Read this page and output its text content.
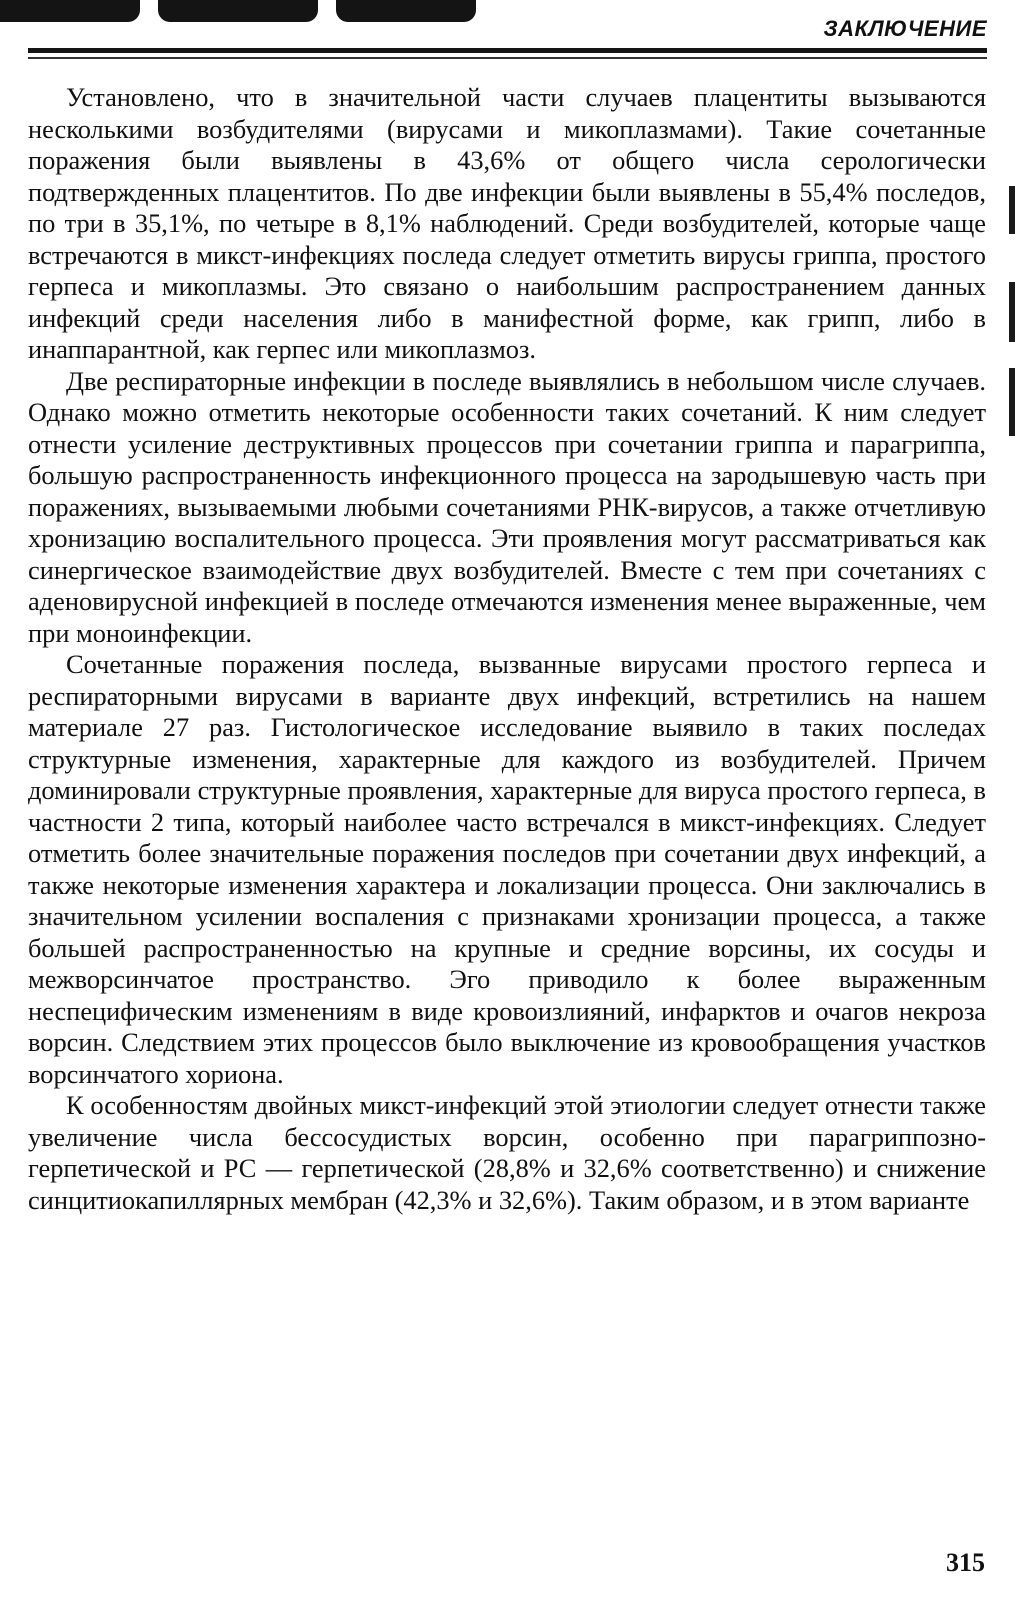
ЗАКЛЮЧЕНИЕ

Установлено, что в значительной части случаев плацентиты вызываются несколькими возбудителями (вирусами и микоплазмами). Такие сочетанные поражения были выявлены в 43,6% от общего числа серологически подтвержденных плацентитов. По две инфекции были выявлены в 55,4% последов, по три в 35,1%, по четыре в 8,1% наблюдений. Среди возбудителей, которые чаще встречаются в микст-инфекциях последа следует отметить вирусы гриппа, простого герпеса и микоплазмы. Это связано о наибольшим распространением данных инфекций среди населения либо в манифестной форме, как грипп, либо в инаппарантной, как герпес или микоплазмоз.

Две респираторные инфекции в последе выявлялись в небольшом числе случаев. Однако можно отметить некоторые особенности таких сочетаний. К ним следует отнести усиление деструктивных процессов при сочетании гриппа и парагриппа, большую распространенность инфекционного процесса на зародышевую часть при поражениях, вызываемыми любыми сочетаниями РНК-вирусов, а также отчетливую хронизацию воспалительного процесса. Эти проявления могут рассматриваться как синергическое взаимодействие двух возбудителей. Вместе с тем при сочетаниях с аденовирусной инфекцией в последе отмечаются изменения менее выраженные, чем при моноинфекции.

Сочетанные поражения последа, вызванные вирусами простого герпеса и респираторными вирусами в варианте двух инфекций, встретились на нашем материале 27 раз. Гистологическое исследование выявило в таких последах структурные изменения, характерные для каждого из возбудителей. Причем доминировали структурные проявления, характерные для вируса простого герпеса, в частности 2 типа, который наиболее часто встречался в микст-инфекциях. Следует отметить более значительные поражения последов при сочетании двух инфекций, а также некоторые изменения характера и локализации процесса. Они заключались в значительном усилении воспаления с признаками хронизации процесса, а также большей распространенностью на крупные и средние ворсины, их сосуды и межворсинчатое пространство. Эго приводило к более выраженным неспецифическим изменениям в виде кровоизлияний, инфарктов и очагов некроза ворсин. Следствием этих процессов было выключение из кровообращения участков ворсинчатого хориона.

К особенностям двойных микст-инфекций этой этиологии следует отнести также увеличение числа бессосудистых ворсин, особенно при парагриппозно-герпетической и РС — герпетической (28,8% и 32,6% соответственно) и снижение синцитиокапиллярных мембран (42,3% и 32,6%). Таким образом, и в этом варианте

315
